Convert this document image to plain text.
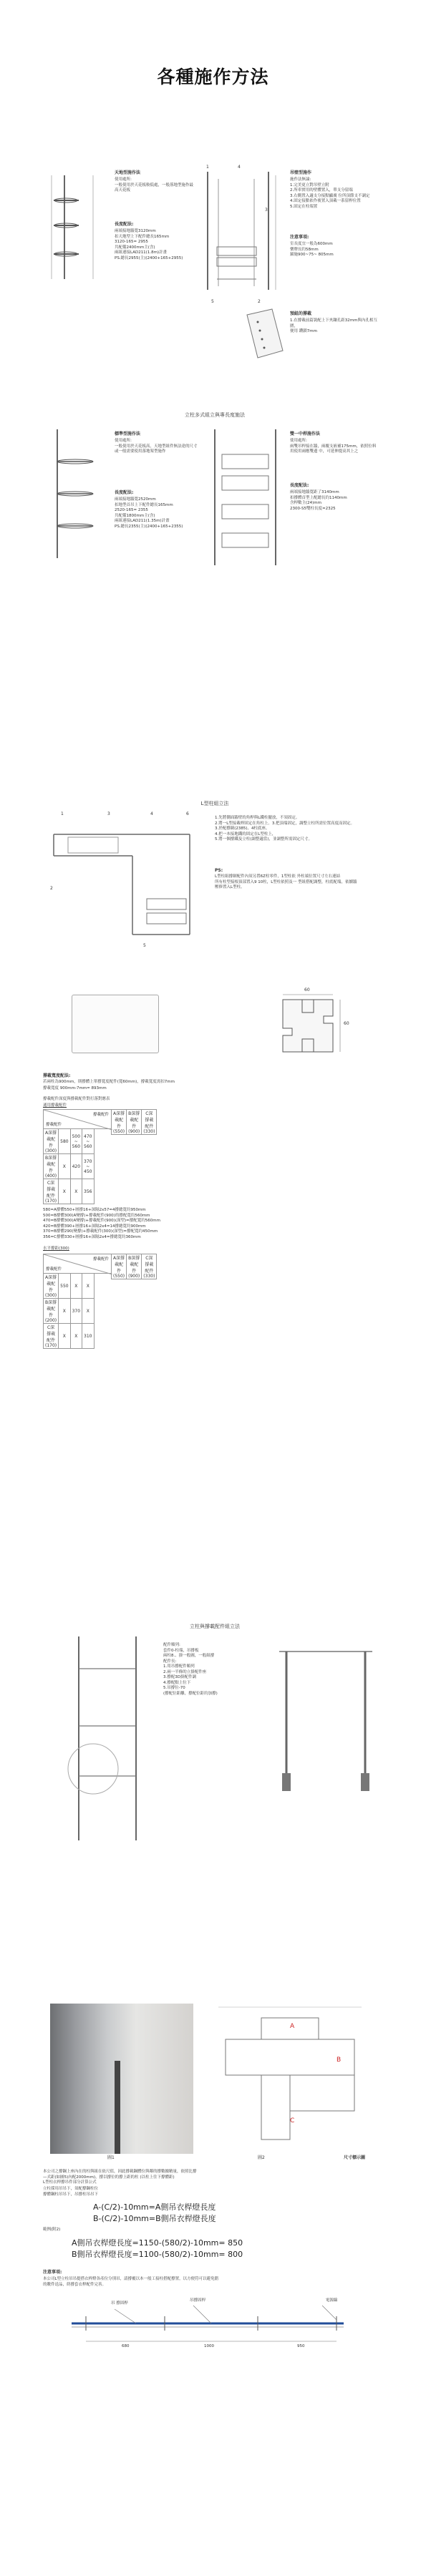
各種施作方法
天地型施作法
使用處所:
一般使用於天花板較低處，一般落地型施作最高天花板
長度配法:
兩端接地牆寬3120mm
扣天地型上下配件總長165mm
3120-165= 2955
共配備2400mm主(含)
兩組連接LAD211(1.8m)計畫
PS.總長2955(主)(2400+165+2955)
1	4
3
5	2
吊壁型施作
施作法無論:
1.完美更立對吊壁立附
2.所車實用的壁體置入，單支分留端
3.右側置入適支分接點顯廣 位所頂節支不調定
4.固定接點依作後置入頂載一系留桿位置
5.固定在柱端置
注意事項:
室長度宜一般為600mm
樂牌長約58mm
錨施900~75~ 805mm
預組的撐載
1.在撐載前篇裝配上下夾鑲孔距32mm與內孔相互圍，
便用 鑽鎖7mm
立柱多式組立與專長度施法
標準型施作法
使用處所:
一般使用於天花板高，天地型組件無法達的尺寸或一般需要使用落地架型施作
長度配法:
兩端接地牆寬2520mm
扣地型首吊上下配件總長165mm
2520-165= 2355
共配備1800mm主(含)
兩組連接LAD211(1.35m)計畫
PS.總長2355(主)(2400+165+2355)
雙一中桿施作法
使用處所:
兩雙吊桿接在牆，兩覆支嵌補175mm，依照位料用使用兩應雙邊 中，可延伸提高其上之
長度配法:
兩端接地牆寬距了3140mm
扣撐體首型上配總長約1140mm
含桿數主(24)mm
2300-S5雙柱長度=2325
L型柱組立法
1	3	4	6
2
5
1.先將側面牆壁的角桿與L鐵柱擺放，不須固定。
2.將一L型接載桿固定在角柱上。3.把頂端固定，調整立柱所需位置高度而固定。
3.於配撐網(2385)、4柱底座。
4.把一本接地鐵的固定在L型柱上，
5.將一個撐鐵及立柱(調整適當)，並調整所需固定尺寸。
PS:
L型柱組撐網配件內須另置6Z柱零件，1型柱依 外柱端位置尺寸左右連結
所有柱型接根頂部置入9 10柱，L型柱依照及一 型組搭配調整，柱底配端，依續牆
壓修置入L型柱。
60
60
撐載寬度配法:
若兩柱為900mm，則撐體上單撐寬度配件(寬60mm)，撐載寬度需扣7mm
撐載寬度 900mm-7mm= 893mm
撐載配件深度與撐載配件對打落對應表
通用撐載配件
撐載配件
撐載配件
A深撐載配件(550)	B深撐載配件(900)	C深撐載配件(330)
A深撐載配件(300)	580	500 ~ 560	470 ~ 560
B深撐載配件(400)	X	420	370 ~ 450
C深撐載配件(170)	X	X	356
580=A撐體550+層撐16+深隔2x57=4撐總寬約950mm
500=B撐體300(A變撐)+撐載配件(900)的撐配寬約560mm
470=B撐體300(A變撐)+撐載配件(900)(深型)=撐配寬約560mm
420=B撐體390+層撐16+深隔2x4=14撐總寬約900mm
370=B撐體290(變撐)+撐載配件(300)(深型)=撐配寬約450mm
356=C撐體330+層撐16+深隔2x4=撐總寬約360mm
水平撐距(300)
撐載配件
撐載配件
A深撐載配件(550)	B深撐載配件(900)	C深撐載配件(330)
A深撐載配件(300)	550	X	X
B深撐載配件(200)	X	370	X
C深撐載配件(170)	X	X	310
立柱與撐載配件組立法
配件順列:
套件0-柱端，吊撐板
兩柱8.、掛一般圖，一般組撐
配件長:
1.用吊撐配件順列
2.兩一半條的立掛配件座
3.撐配3D掛配件調
4.撐配點上位下
5.吊撐位-70
(撐配位距離，撐配位距約加撐)
圖1
A
B
C
圖2	尺寸標示圖
本公司之撐鋼上座內在的柱與組在依尺值，因此撐載鋼體位與鄰的撐數據精量，依照比撐
—式距(如圖5)內配2000mm)，撐以撐位的撐上距的柱 (以柱上往下撐體距)
L型柱衣桿撐吊件部分計算公式
立柱採用吊吊下，須配撐鋼柱位
撐體鋼柱吊吊下，吊撐柱吊吊下
A-(C/2)-10mm=A側吊衣桿燈長度
B-(C/2)-10mm=B側吊衣桿燈長度
範例(附2)
A側吊衣桿燈長度=1150-(580/2)-10mm= 850
B側吊衣桿燈長度=1100-(580/2)-10mm= 800
注意事項:
本公司L型立柱吊吊提搭衣桿燈各產位分別吊，請撐覆以本一般工接柱搭配撐置，以方便符可以避免錯
的數件送品，終撐套衣桿配件完善。
吊 撐固桿
吊撐固桿	電源線
680	1000	950
